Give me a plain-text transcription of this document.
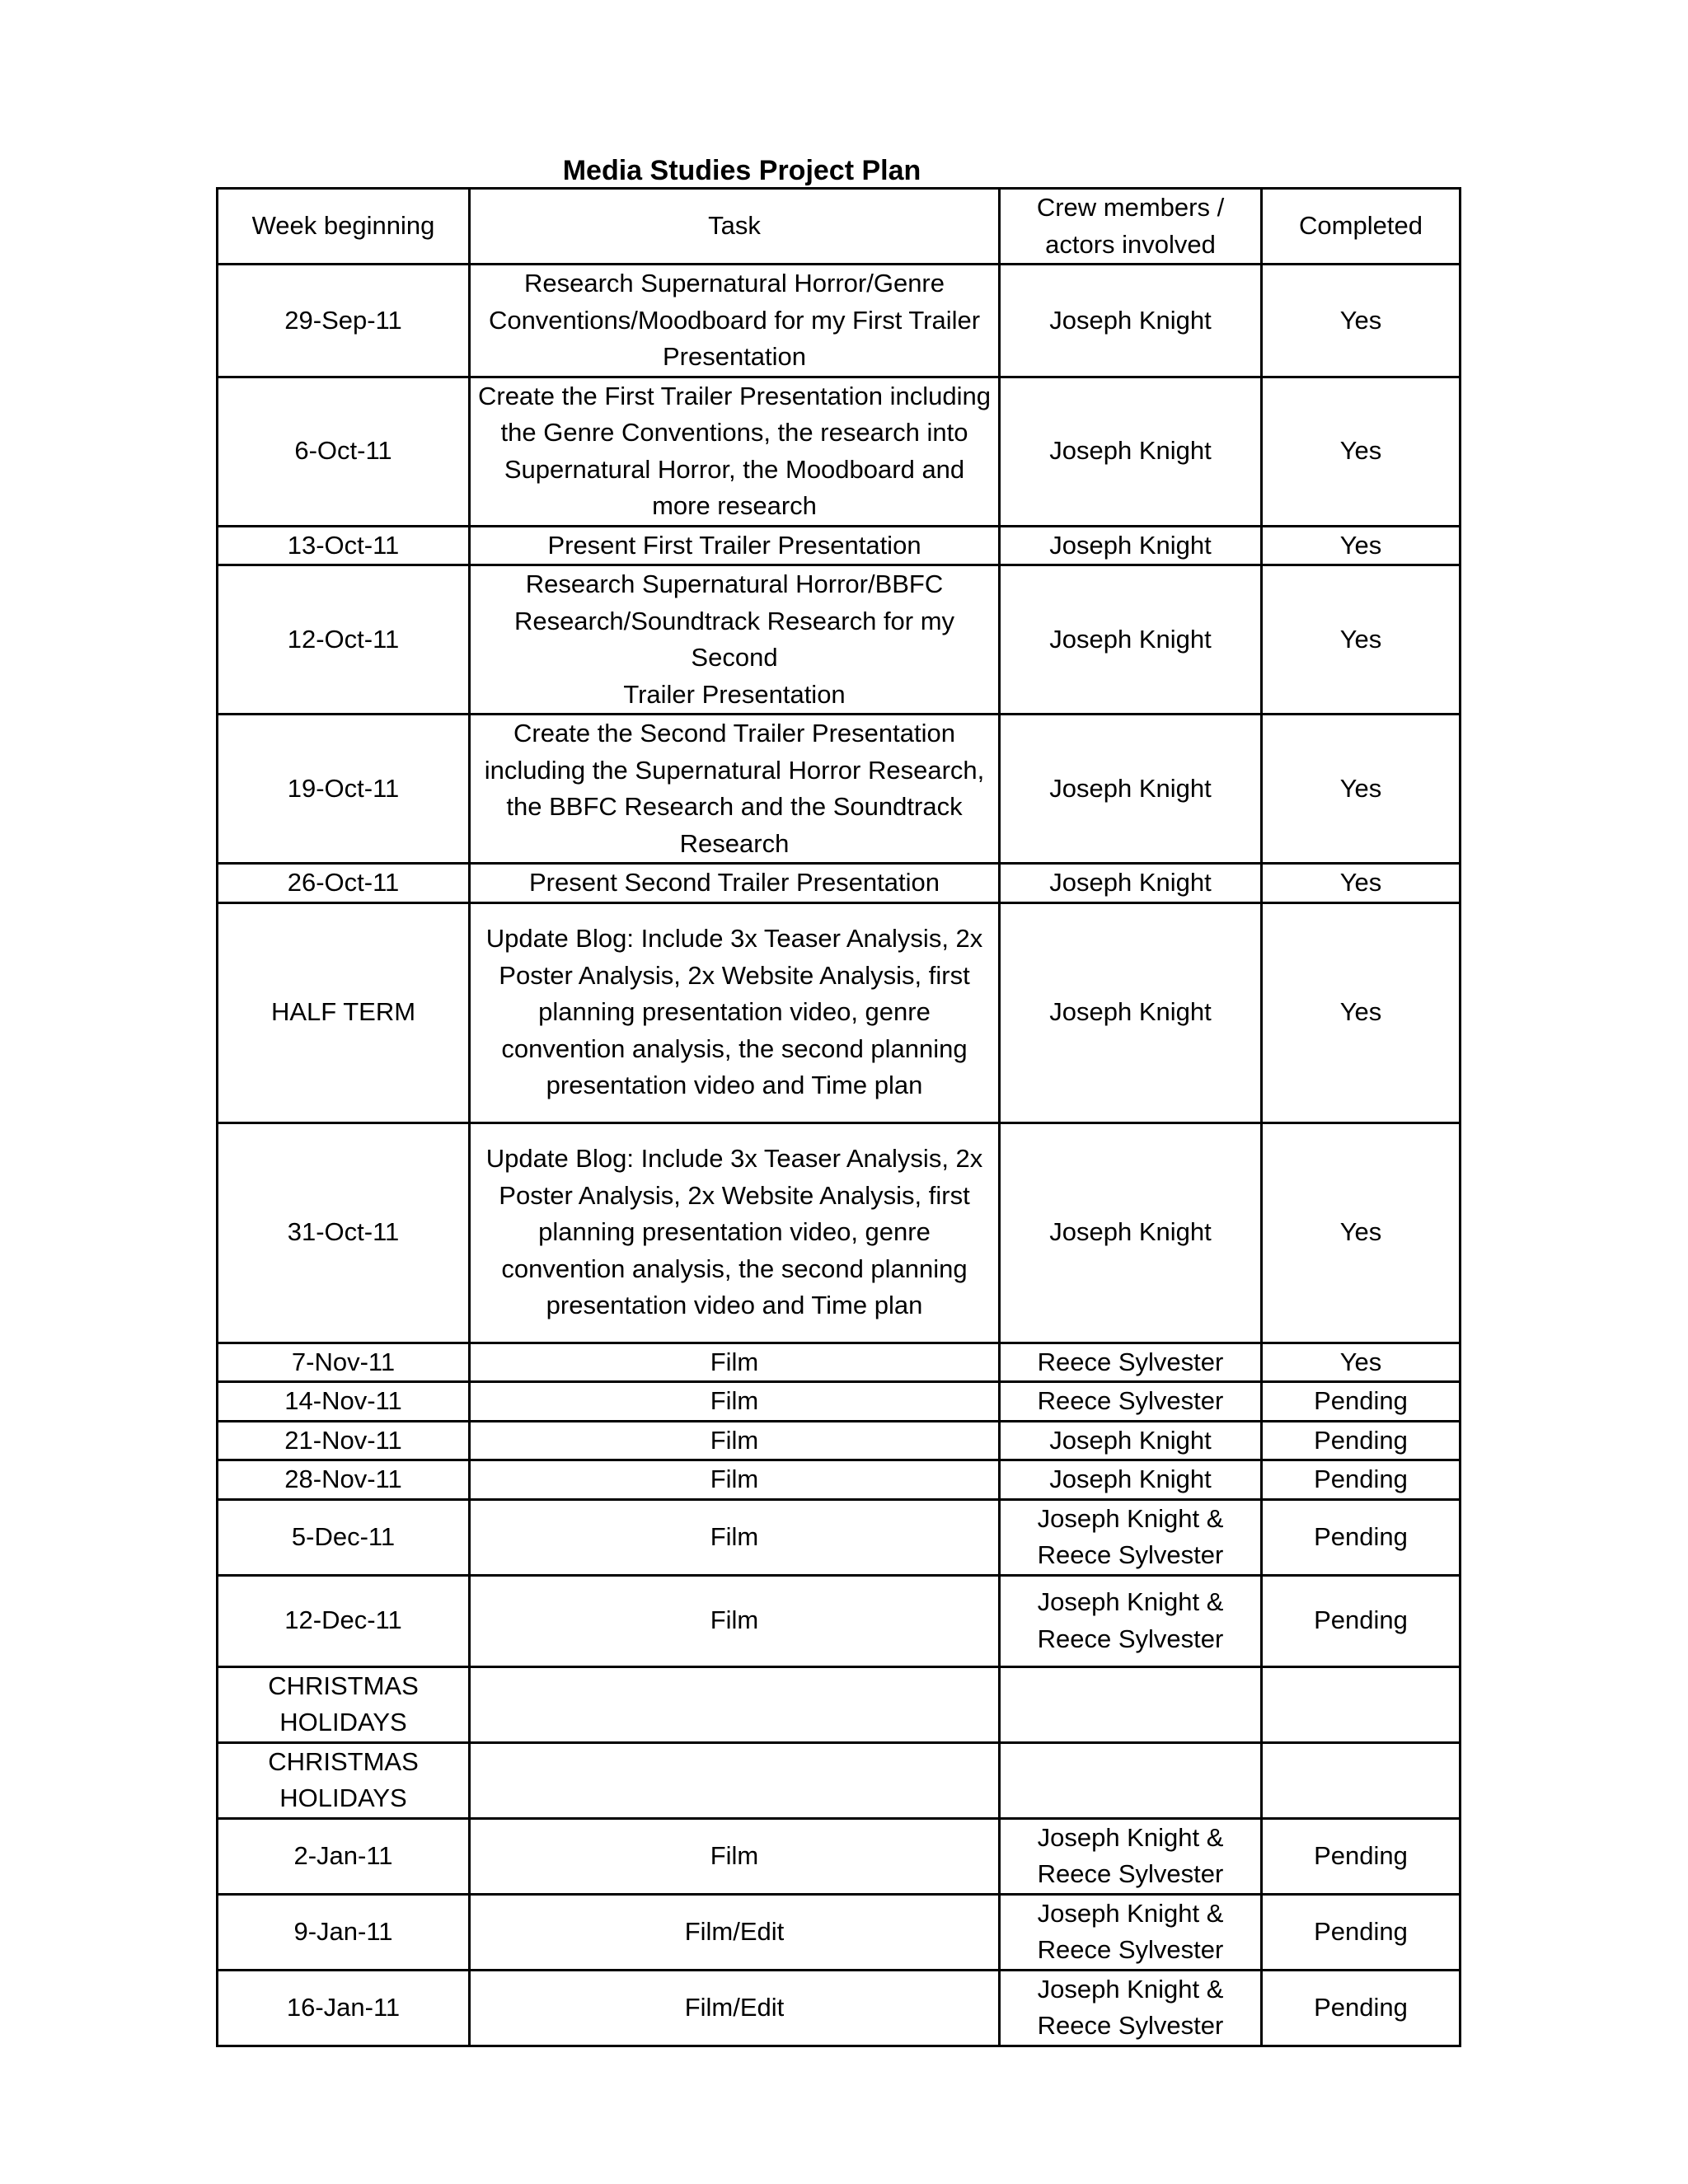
Media Studies Project Plan
Week beginning	Task	Crew members /
actors involved	Completed
29-Sep-11	Research Supernatural Horror/Genre
Conventions/Moodboard for my First Trailer
Presentation	Joseph Knight	Yes
6-Oct-11	Create the First Trailer Presentation including
the Genre Conventions, the research into
Supernatural Horror, the Moodboard and
more research	Joseph Knight	Yes
13-Oct-11	Present First Trailer Presentation	Joseph Knight	Yes
12-Oct-11	Research Supernatural Horror/BBFC
Research/Soundtrack Research for my Second
Trailer Presentation	Joseph Knight	Yes
19-Oct-11	Create the Second Trailer Presentation
including the Supernatural Horror Research,
the BBFC Research and the Soundtrack
Research	Joseph Knight	Yes
26-Oct-11	Present Second Trailer Presentation	Joseph Knight	Yes
HALF TERM	Update Blog: Include 3x Teaser Analysis, 2x
Poster Analysis, 2x Website Analysis, first
planning presentation video, genre
convention analysis, the second planning
presentation video and Time plan	Joseph Knight	Yes
31-Oct-11	Update Blog: Include 3x Teaser Analysis, 2x
Poster Analysis, 2x Website Analysis, first
planning presentation video, genre
convention analysis, the second planning
presentation video and Time plan	Joseph Knight	Yes
7-Nov-11	Film	Reece Sylvester	Yes
14-Nov-11	Film	Reece Sylvester	Pending
21-Nov-11	Film	Joseph Knight	Pending
28-Nov-11	Film	Joseph Knight	Pending
5-Dec-11	Film	Joseph Knight &
Reece Sylvester	Pending
12-Dec-11	Film	Joseph Knight &
Reece Sylvester	Pending
CHRISTMAS
HOLIDAYS			
CHRISTMAS
HOLIDAYS			
2-Jan-11	Film	Joseph Knight &
Reece Sylvester	Pending
9-Jan-11	Film/Edit	Joseph Knight &
Reece Sylvester	Pending
16-Jan-11	Film/Edit	Joseph Knight &
Reece Sylvester	Pending
